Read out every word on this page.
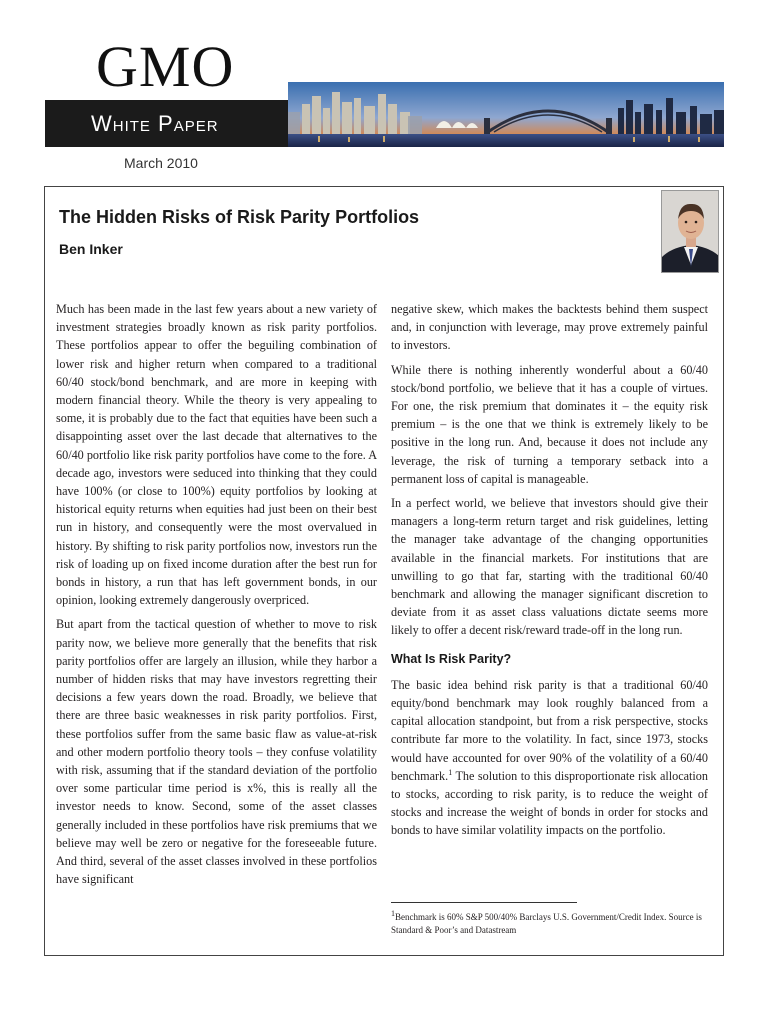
GMO
White Paper
March 2010
The Hidden Risks of Risk Parity Portfolios
Ben Inker

Much has been made in the last few years about a new variety of investment strategies broadly known as risk parity portfolios. These portfolios appear to offer the beguiling combination of lower risk and higher return when compared to a traditional 60/40 stock/bond benchmark, and are more in keeping with modern financial theory. While the theory is very appealing to some, it is probably due to the fact that equities have been such a disappointing asset over the last decade that alternatives to the 60/40 portfolio like risk parity portfolios have come to the fore. A decade ago, investors were seduced into thinking that they could have 100% (or close to 100%) equity portfolios by looking at historical equity returns when equities had just been on their best run in history, and consequently were the most overvalued in history. By shifting to risk parity portfolios now, investors run the risk of loading up on fixed income duration after the best run for bonds in history, a run that has left government bonds, in our opinion, looking extremely dangerously overpriced.

But apart from the tactical question of whether to move to risk parity now, we believe more generally that the benefits that risk parity portfolios offer are largely an illusion, while they harbor a number of hidden risks that may have investors regretting their decisions a few years down the road. Broadly, we believe that there are three basic weaknesses in risk parity portfolios. First, these portfolios suffer from the same basic flaw as value-at-risk and other modern portfolio theory tools – they confuse volatility with risk, assuming that if the standard deviation of the portfolio over some particular time period is x%, this is really all the investor needs to know. Second, some of the asset classes generally included in these portfolios have risk premiums that we believe may well be zero or negative for the foreseeable future. And third, several of the asset classes involved in these portfolios have significant

negative skew, which makes the backtests behind them suspect and, in conjunction with leverage, may prove extremely painful to investors.

While there is nothing inherently wonderful about a 60/40 stock/bond portfolio, we believe that it has a couple of virtues. For one, the risk premium that dominates it – the equity risk premium – is the one that we think is extremely likely to be positive in the long run. And, because it does not include any leverage, the risk of turning a temporary setback into a permanent loss of capital is manageable.

In a perfect world, we believe that investors should give their managers a long-term return target and risk guidelines, letting the manager take advantage of the changing opportunities available in the financial markets. For institutions that are unwilling to go that far, starting with the traditional 60/40 benchmark and allowing the manager significant discretion to deviate from it as asset class valuations dictate seems more likely to offer a decent risk/reward trade-off in the long run.

What Is Risk Parity?

The basic idea behind risk parity is that a traditional 60/40 equity/bond benchmark may look roughly balanced from a capital allocation standpoint, but from a risk perspective, stocks contribute far more to the volatility. In fact, since 1973, stocks would have accounted for over 90% of the volatility of a 60/40 benchmark.$^1$ The solution to this disproportionate risk allocation to stocks, according to risk parity, is to reduce the weight of stocks and increase the weight of bonds in order for stocks and bonds to have similar volatility impacts on the portfolio.

$^1$Benchmark is 60% S&P 500/40% Barclays U.S. Government/Credit Index. Source is Standard & Poor’s and Datastream
